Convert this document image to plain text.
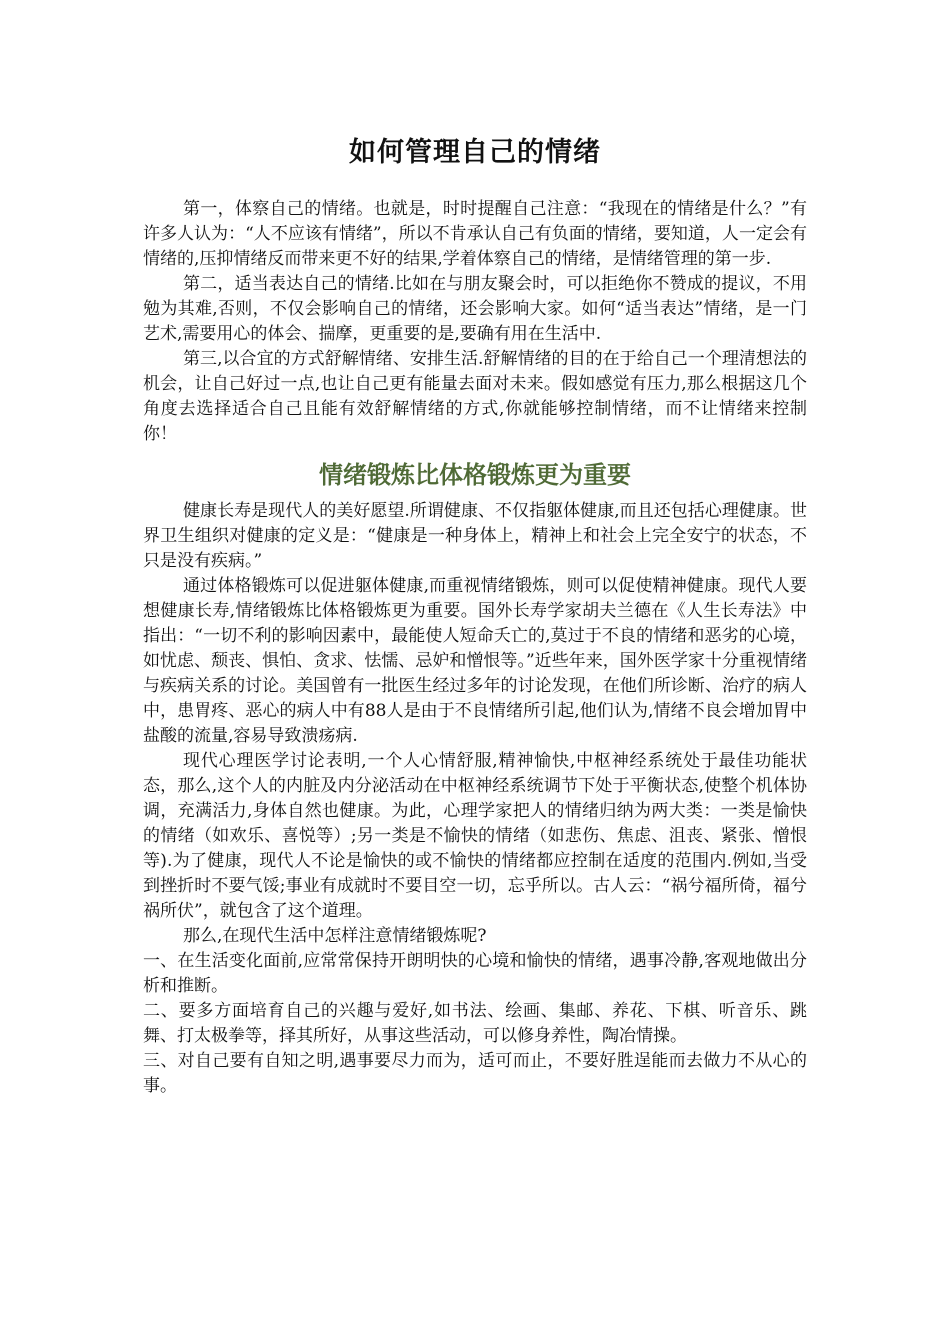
如何管理自己的情绪

第一，体察自己的情绪。也就是，时时提醒自己注意：“我现在的情绪是什么？”有许多人认为：“人不应该有情绪”，所以不肯承认自己有负面的情绪，要知道，人一定会有情绪的,压抑情绪反而带来更不好的结果,学着体察自己的情绪，是情绪管理的第一步.

第二，适当表达自己的情绪.比如在与朋友聚会时，可以拒绝你不赞成的提议，不用勉为其难,否则，不仅会影响自己的情绪，还会影响大家。如何“适当表达”情绪，是一门艺术,需要用心的体会、揣摩，更重要的是,要确有用在生活中.

第三,以合宜的方式舒解情绪、安排生活.舒解情绪的目的在于给自己一个理清想法的机会，让自己好过一点,也让自己更有能量去面对未来。假如感觉有压力,那么根据这几个角度去选择适合自己且能有效舒解情绪的方式,你就能够控制情绪，而不让情绪来控制你！

情绪锻炼比体格锻炼更为重要

健康长寿是现代人的美好愿望.所谓健康、不仅指躯体健康,而且还包括心理健康。世界卫生组织对健康的定义是：“健康是一种身体上，精神上和社会上完全安宁的状态，不只是没有疾病。”

通过体格锻炼可以促进躯体健康,而重视情绪锻炼，则可以促使精神健康。现代人要想健康长寿,情绪锻炼比体格锻炼更为重要。国外长寿学家胡夫兰德在《人生长寿法》中指出：“一切不利的影响因素中，最能使人短命夭亡的,莫过于不良的情绪和恶劣的心境，如忧虑、颓丧、惧怕、贪求、怯懦、忌妒和憎恨等。”近些年来，国外医学家十分重视情绪与疾病关系的讨论。美国曾有一批医生经过多年的讨论发现，在他们所诊断、治疗的病人中，患胃疼、恶心的病人中有88人是由于不良情绪所引起,他们认为,情绪不良会增加胃中盐酸的流量,容易导致溃疡病.

现代心理医学讨论表明,一个人心情舒服,精神愉快,中枢神经系统处于最佳功能状态，那么,这个人的内脏及内分泌活动在中枢神经系统调节下处于平衡状态,使整个机体协调，充满活力,身体自然也健康。为此，心理学家把人的情绪归纳为两大类：一类是愉快的情绪（如欢乐、喜悦等）;另一类是不愉快的情绪（如悲伤、焦虑、沮丧、紧张、憎恨等).为了健康，现代人不论是愉快的或不愉快的情绪都应控制在适度的范围内.例如,当受到挫折时不要气馁;事业有成就时不要目空一切，忘乎所以。古人云：“祸兮福所倚，福兮祸所伏”，就包含了这个道理。

那么,在现代生活中怎样注意情绪锻炼呢?

一、在生活变化面前,应常常保持开朗明快的心境和愉快的情绪，遇事冷静,客观地做出分析和推断。

二、要多方面培育自己的兴趣与爱好,如书法、绘画、集邮、养花、下棋、听音乐、跳舞、打太极拳等，择其所好，从事这些活动，可以修身养性，陶冶情操。

三、对自己要有自知之明,遇事要尽力而为，适可而止，不要好胜逞能而去做力不从心的事。
